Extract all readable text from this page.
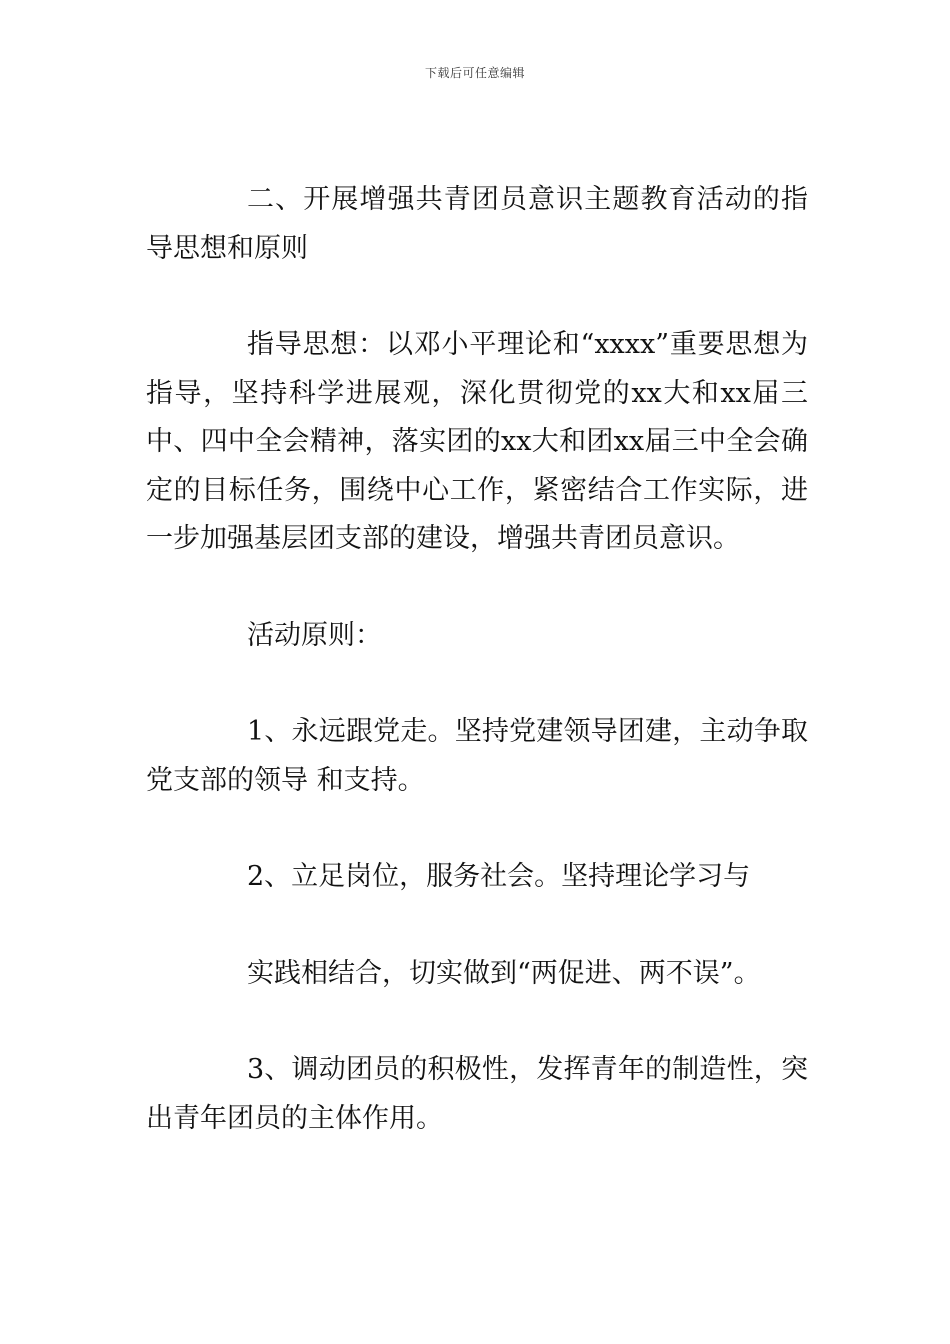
下载后可任意编辑

二、开展增强共青团员意识主题教育活动的指导思想和原则

指导思想：以邓小平理论和“xxxx”重要思想为指导，坚持科学进展观，深化贯彻党的xx大和xx届三中、四中全会精神，落实团的xx大和团xx届三中全会确定的目标任务，围绕中心工作，紧密结合工作实际，进一步加强基层团支部的建设，增强共青团员意识。

活动原则：

1、永远跟党走。坚持党建领导团建，主动争取党支部的领导 和支持。

2、立足岗位，服务社会。坚持理论学习与

实践相结合，切实做到“两促进、两不误”。

3、调动团员的积极性，发挥青年的制造性，突出青年团员的主体作用。
